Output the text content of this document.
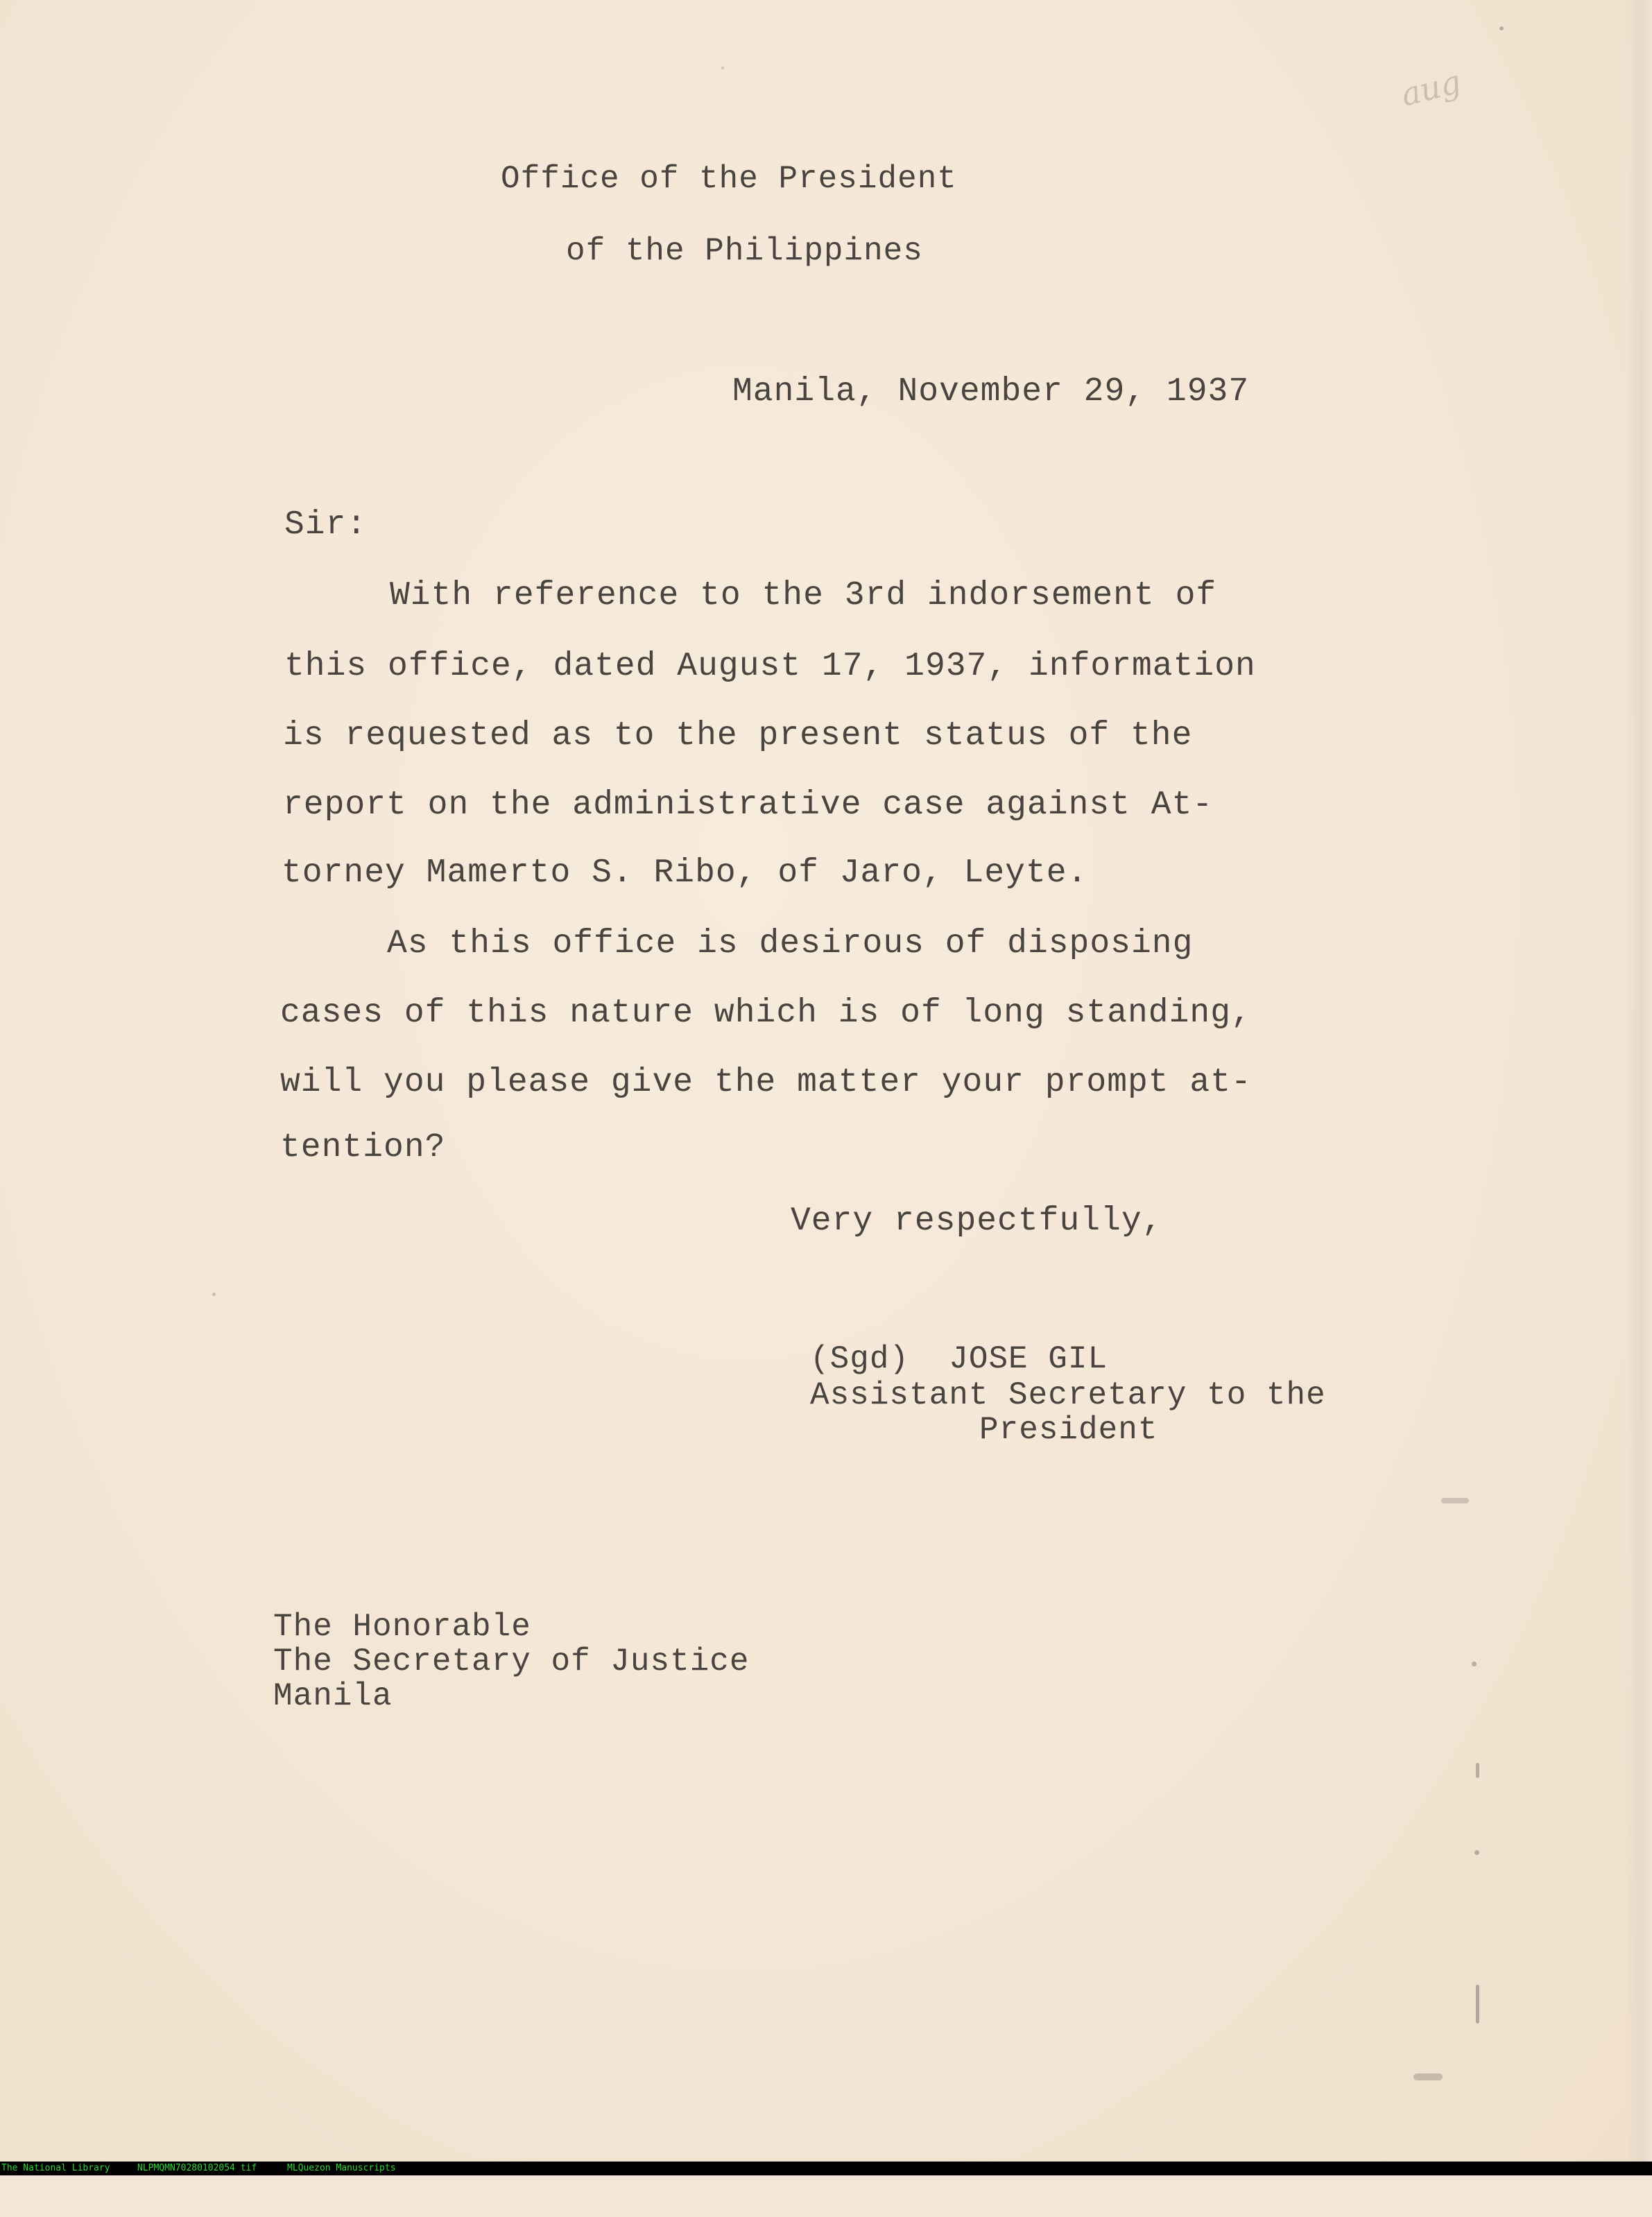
Office of the President

of the Philippines

Manila, November 29, 1937

Sir:

With reference to the 3rd indorsement of

this office, dated August 17, 1937, information

is requested as to the present status of the

report on the administrative case against At-

torney Mamerto S. Ribo, of Jaro, Leyte.

As this office is desirous of disposing

cases of this nature which is of long standing,

will you please give the matter your prompt at-

tention?

Very respectfully,

(Sgd)  JOSE GIL

Assistant Secretary to the

President

The Honorable

The Secretary of Justice

Manila

aug

The National Library

	NLPMQMN70280102054 tif

	MLQuezon Manuscripts
